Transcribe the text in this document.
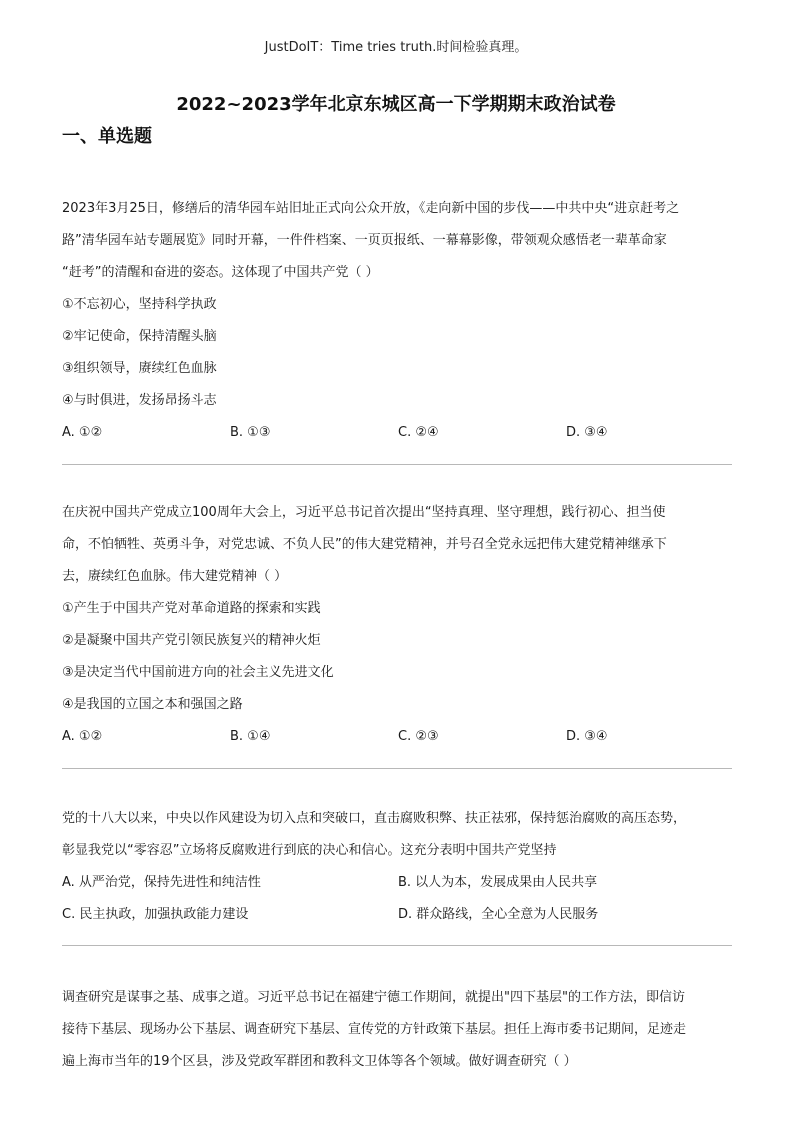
JustDoIT：Time tries truth.时间检验真理。
2022~2023学年北京东城区高一下学期期末政治试卷
一、单选题
2023年3月25日，修缮后的清华园车站旧址正式向公众开放，《走向新中国的步伐——中共中央“进京赶考之
路”清华园车站专题展览》同时开幕，一件件档案、一页页报纸、一幕幕影像，带领观众感悟老一辈革命家
“赶考”的清醒和奋进的姿态。这体现了中国共产党（ ）
①不忘初心，坚持科学执政
②牢记使命，保持清醒头脑
③组织领导，赓续红色血脉
④与时俱进，发扬昂扬斗志
A. ①②	B. ①③	C. ②④	D. ③④
在庆祝中国共产党成立100周年大会上，习近平总书记首次提出“坚持真理、坚守理想，践行初心、担当使
命，不怕牺牲、英勇斗争，对党忠诚、不负人民”的伟大建党精神，并号召全党永远把伟大建党精神继承下
去，赓续红色血脉。伟大建党精神（ ）
①产生于中国共产党对革命道路的探索和实践
②是凝聚中国共产党引领民族复兴的精神火炬
③是决定当代中国前进方向的社会主义先进文化
④是我国的立国之本和强国之路
A. ①②	B. ①④	C. ②③	D. ③④
党的十八大以来，中央以作风建设为切入点和突破口，直击腐败积弊、扶正祛邪，保持惩治腐败的高压态势，
彰显我党以“零容忍”立场将反腐败进行到底的决心和信心。这充分表明中国共产党坚持
A. 从严治党，保持先进性和纯洁性	B. 以人为本，发展成果由人民共享
C. 民主执政，加强执政能力建设	D. 群众路线，全心全意为人民服务
调查研究是谋事之基、成事之道。习近平总书记在福建宁德工作期间，就提出"四下基层"的工作方法，即信访
接待下基层、现场办公下基层、调查研究下基层、宣传党的方针政策下基层。担任上海市委书记期间，足迹走
遍上海市当年的19个区县，涉及党政军群团和教科文卫体等各个领域。做好调查研究（ ）
